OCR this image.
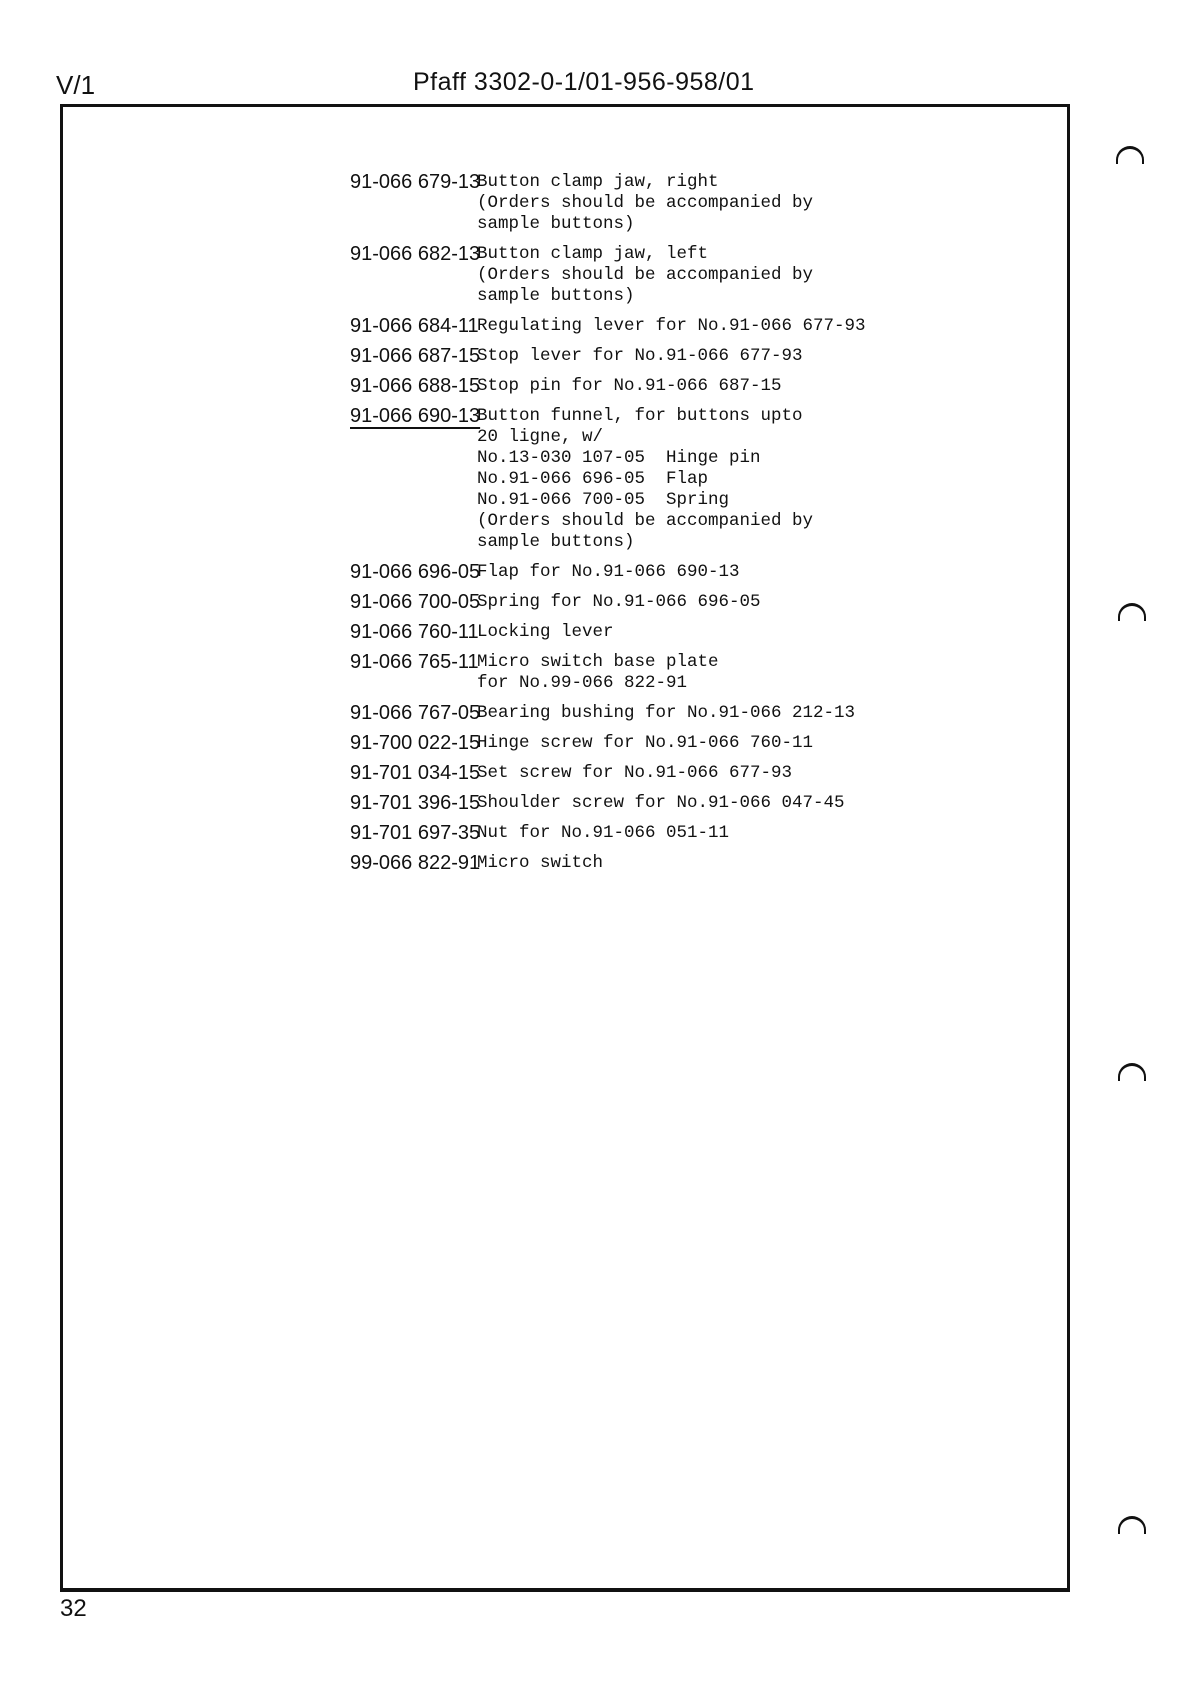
V/1	Pfaff 3302-0-1/01-956-958/01
91-066 679-13
Button clamp jaw, right
(Orders should be accompanied by
sample buttons)
91-066 682-13
Button clamp jaw, left
(Orders should be accompanied by
sample buttons)
91-066 684-11
Regulating lever for No.91-066 677-93
91-066 687-15
Stop lever for No.91-066 677-93
91-066 688-15
Stop pin for No.91-066 687-15
91-066 690-13
Button funnel, for buttons upto
20 ligne, w/
No.13-030 107-05  Hinge pin
No.91-066 696-05  Flap
No.91-066 700-05  Spring
(Orders should be accompanied by
sample buttons)
91-066 696-05
Flap for No.91-066 690-13
91-066 700-05
Spring for No.91-066 696-05
91-066 760-11
Locking lever
91-066 765-11
Micro switch base plate
for No.99-066 822-91
91-066 767-05
Bearing bushing for No.91-066 212-13
91-700 022-15
Hinge screw for No.91-066 760-11
91-701 034-15
Set screw for No.91-066 677-93
91-701 396-15
Shoulder screw for No.91-066 047-45
91-701 697-35
Nut for No.91-066 051-11
99-066 822-91
Micro switch
32
